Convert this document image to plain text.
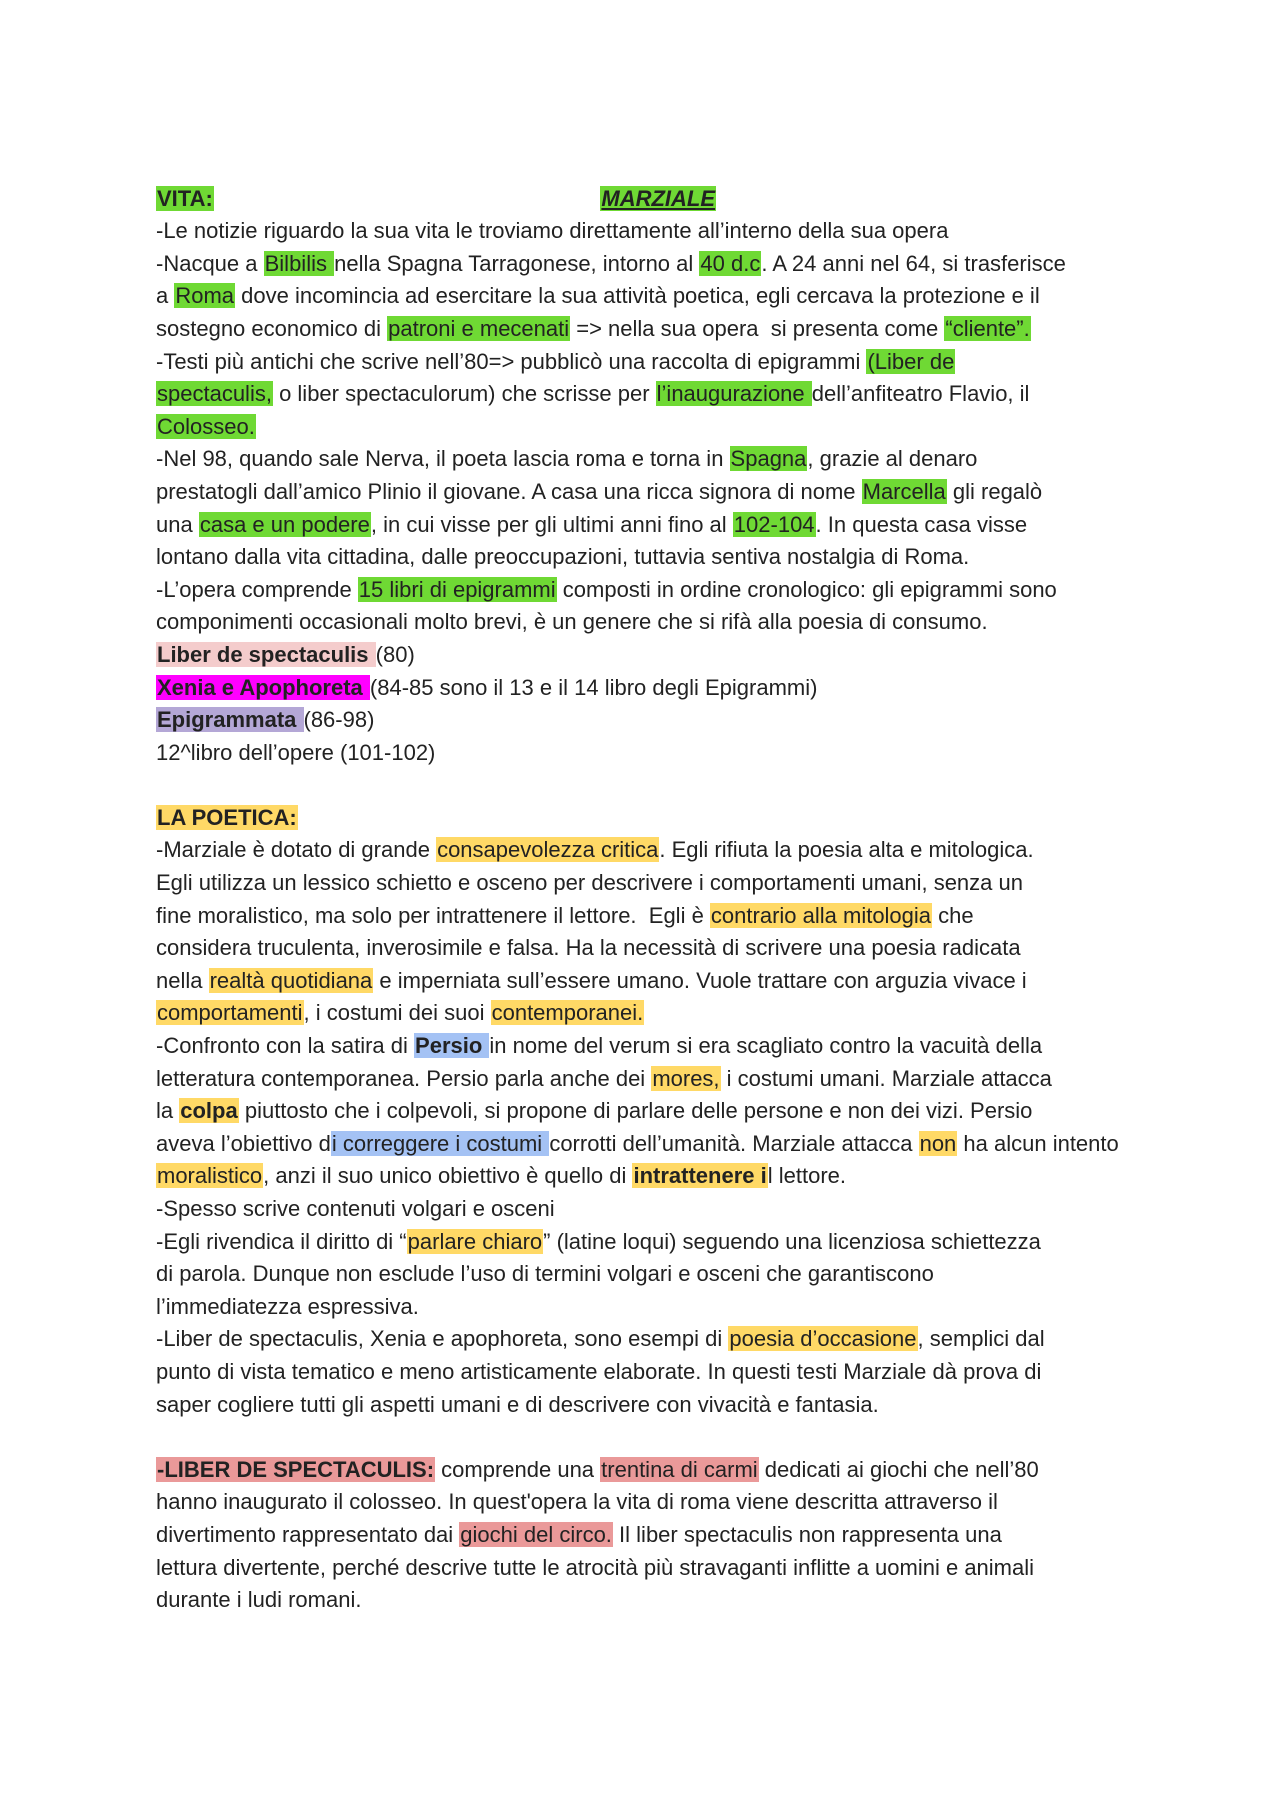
MARZIALE

VITA:
-Le notizie riguardo la sua vita le troviamo direttamente all’interno della sua opera
-Nacque a Bilbilis nella Spagna Tarragonese, intorno al 40 d.c. A 24 anni nel 64, si trasferisce
a Roma dove incomincia ad esercitare la sua attività poetica, egli cercava la protezione e il
sostegno economico di patroni e mecenati => nella sua opera  si presenta come “cliente”.
-Testi più antichi che scrive nell’80=> pubblicò una raccolta di epigrammi (Liber de
spectaculis, o liber spectaculorum) che scrisse per l’inaugurazione dell’anfiteatro Flavio, il
Colosseo.
-Nel 98, quando sale Nerva, il poeta lascia roma e torna in Spagna, grazie al denaro
prestatogli dall’amico Plinio il giovane. A casa una ricca signora di nome Marcella gli regalò
una casa e un podere, in cui visse per gli ultimi anni fino al 102-104. In questa casa visse
lontano dalla vita cittadina, dalle preoccupazioni, tuttavia sentiva nostalgia di Roma.
-L’opera comprende 15 libri di epigrammi composti in ordine cronologico: gli epigrammi sono
componimenti occasionali molto brevi, è un genere che si rifà alla poesia di consumo.
Liber de spectaculis (80)
Xenia e Apophoreta (84-85 sono il 13 e il 14 libro degli Epigrammi)
Epigrammata (86-98)
12^libro dell’opere (101-102)
LA POETICA:
-Marziale è dotato di grande consapevolezza critica. Egli rifiuta la poesia alta e mitologica.
Egli utilizza un lessico schietto e osceno per descrivere i comportamenti umani, senza un
fine moralistico, ma solo per intrattenere il lettore.  Egli è contrario alla mitologia che
considera truculenta, inverosimile e falsa. Ha la necessità di scrivere una poesia radicata
nella realtà quotidiana e imperniata sull’essere umano. Vuole trattare con arguzia vivace i
comportamenti, i costumi dei suoi contemporanei.
-Confronto con la satira di Persio in nome del verum si era scagliato contro la vacuità della
letteratura contemporanea. Persio parla anche dei mores, i costumi umani. Marziale attacca
la colpa piuttosto che i colpevoli, si propone di parlare delle persone e non dei vizi. Persio
aveva l’obiettivo di correggere i costumi corrotti dell’umanità. Marziale attacca non ha alcun intento
moralistico, anzi il suo unico obiettivo è quello di intrattenere il lettore.
-Spesso scrive contenuti volgari e osceni
-Egli rivendica il diritto di “parlare chiaro” (latine loqui) seguendo una licenziosa schiettezza
di parola. Dunque non esclude l’uso di termini volgari e osceni che garantiscono
l’immediatezza espressiva.
-Liber de spectaculis, Xenia e apophoreta, sono esempi di poesia d’occasione, semplici dal
punto di vista tematico e meno artisticamente elaborate. In questi testi Marziale dà prova di
saper cogliere tutti gli aspetti umani e di descrivere con vivacità e fantasia.
-LIBER DE SPECTACULIS: comprende una trentina di carmi dedicati ai giochi che nell’80
hanno inaugurato il colosseo. In quest'opera la vita di roma viene descritta attraverso il
divertimento rappresentato dai giochi del circo. Il liber spectaculis non rappresenta una
lettura divertente, perché descrive tutte le atrocità più stravaganti inflitte a uomini e animali
durante i ludi romani.
